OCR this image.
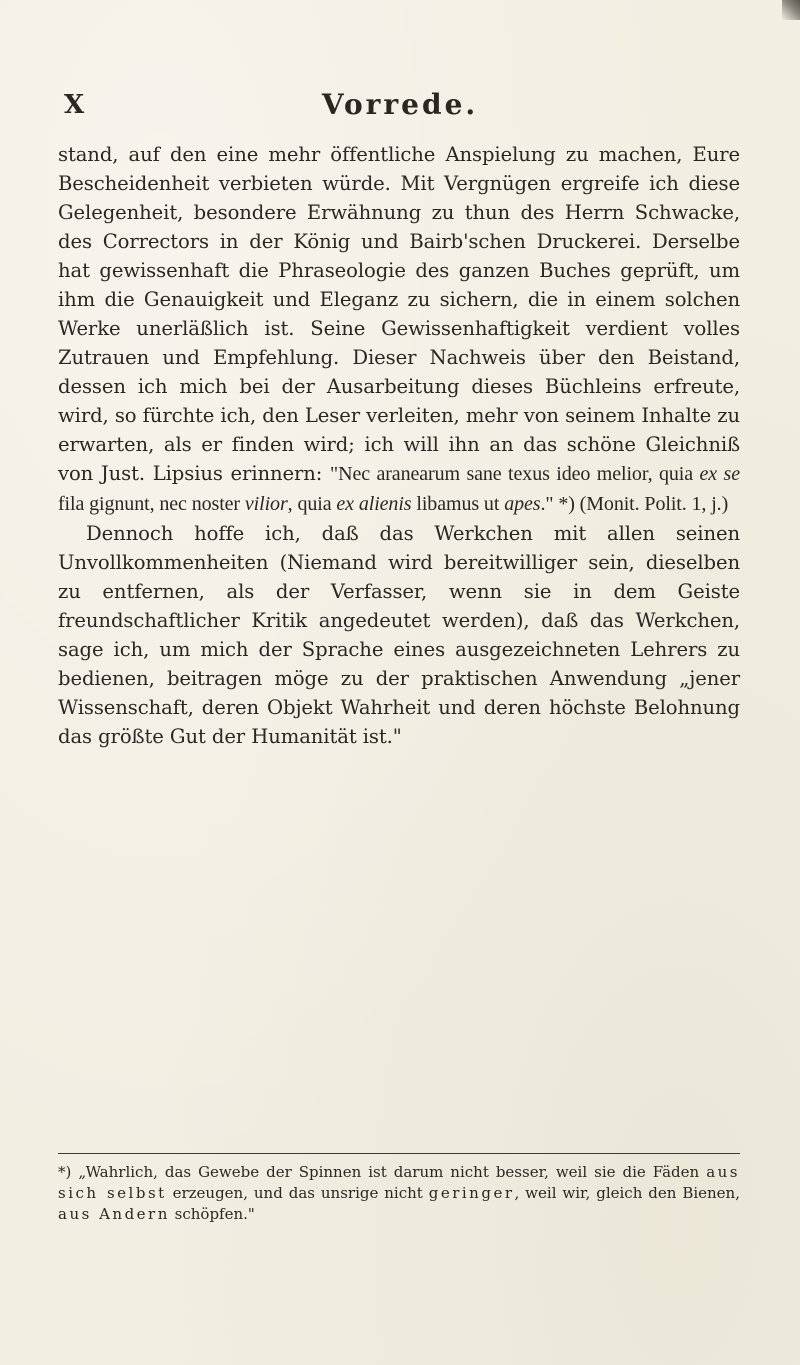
X	Vorrede.

stand, auf den eine mehr öffentliche Anspielung zu machen, Eure Bescheidenheit verbieten würde. Mit Vergnügen ergreife ich diese Gelegenheit, besondere Erwähnung zu thun des Herrn Schwacke, des Correctors in der König und Bairb'schen Druckerei. Derselbe hat gewissenhaft die Phraseologie des ganzen Buches geprüft, um ihm die Genauigkeit und Eleganz zu sichern, die in einem solchen Werke unerläßlich ist. Seine Gewissenhaftigkeit verdient volles Zutrauen und Empfehlung. Dieser Nachweis über den Beistand, dessen ich mich bei der Ausarbeitung dieses Büchleins erfreute, wird, so fürchte ich, den Leser verleiten, mehr von seinem Inhalte zu erwarten, als er finden wird; ich will ihn an das schöne Gleichniß von Just. Lipsius erinnern: "Nec aranearum sane texus ideo melior, quia ex se fila gignunt, nec noster vilior, quia ex alienis libamus ut apes." *) (Monit. Polit. 1, j.)

Dennoch hoffe ich, daß das Werkchen mit allen seinen Unvollkommenheiten (Niemand wird bereitwilliger sein, dieselben zu entfernen, als der Verfasser, wenn sie in dem Geiste freundschaftlicher Kritik angedeutet werden), daß das Werkchen, sage ich, um mich der Sprache eines ausgezeichneten Lehrers zu bedienen, beitragen möge zu der praktischen Anwendung „jener Wissenschaft, deren Objekt Wahrheit und deren höchste Belohnung das größte Gut der Humanität ist."

*) „Wahrlich, das Gewebe der Spinnen ist darum nicht besser, weil sie die Fäden aus sich selbst erzeugen, und das unsrige nicht geringer, weil wir, gleich den Bienen, aus Andern schöpfen."
